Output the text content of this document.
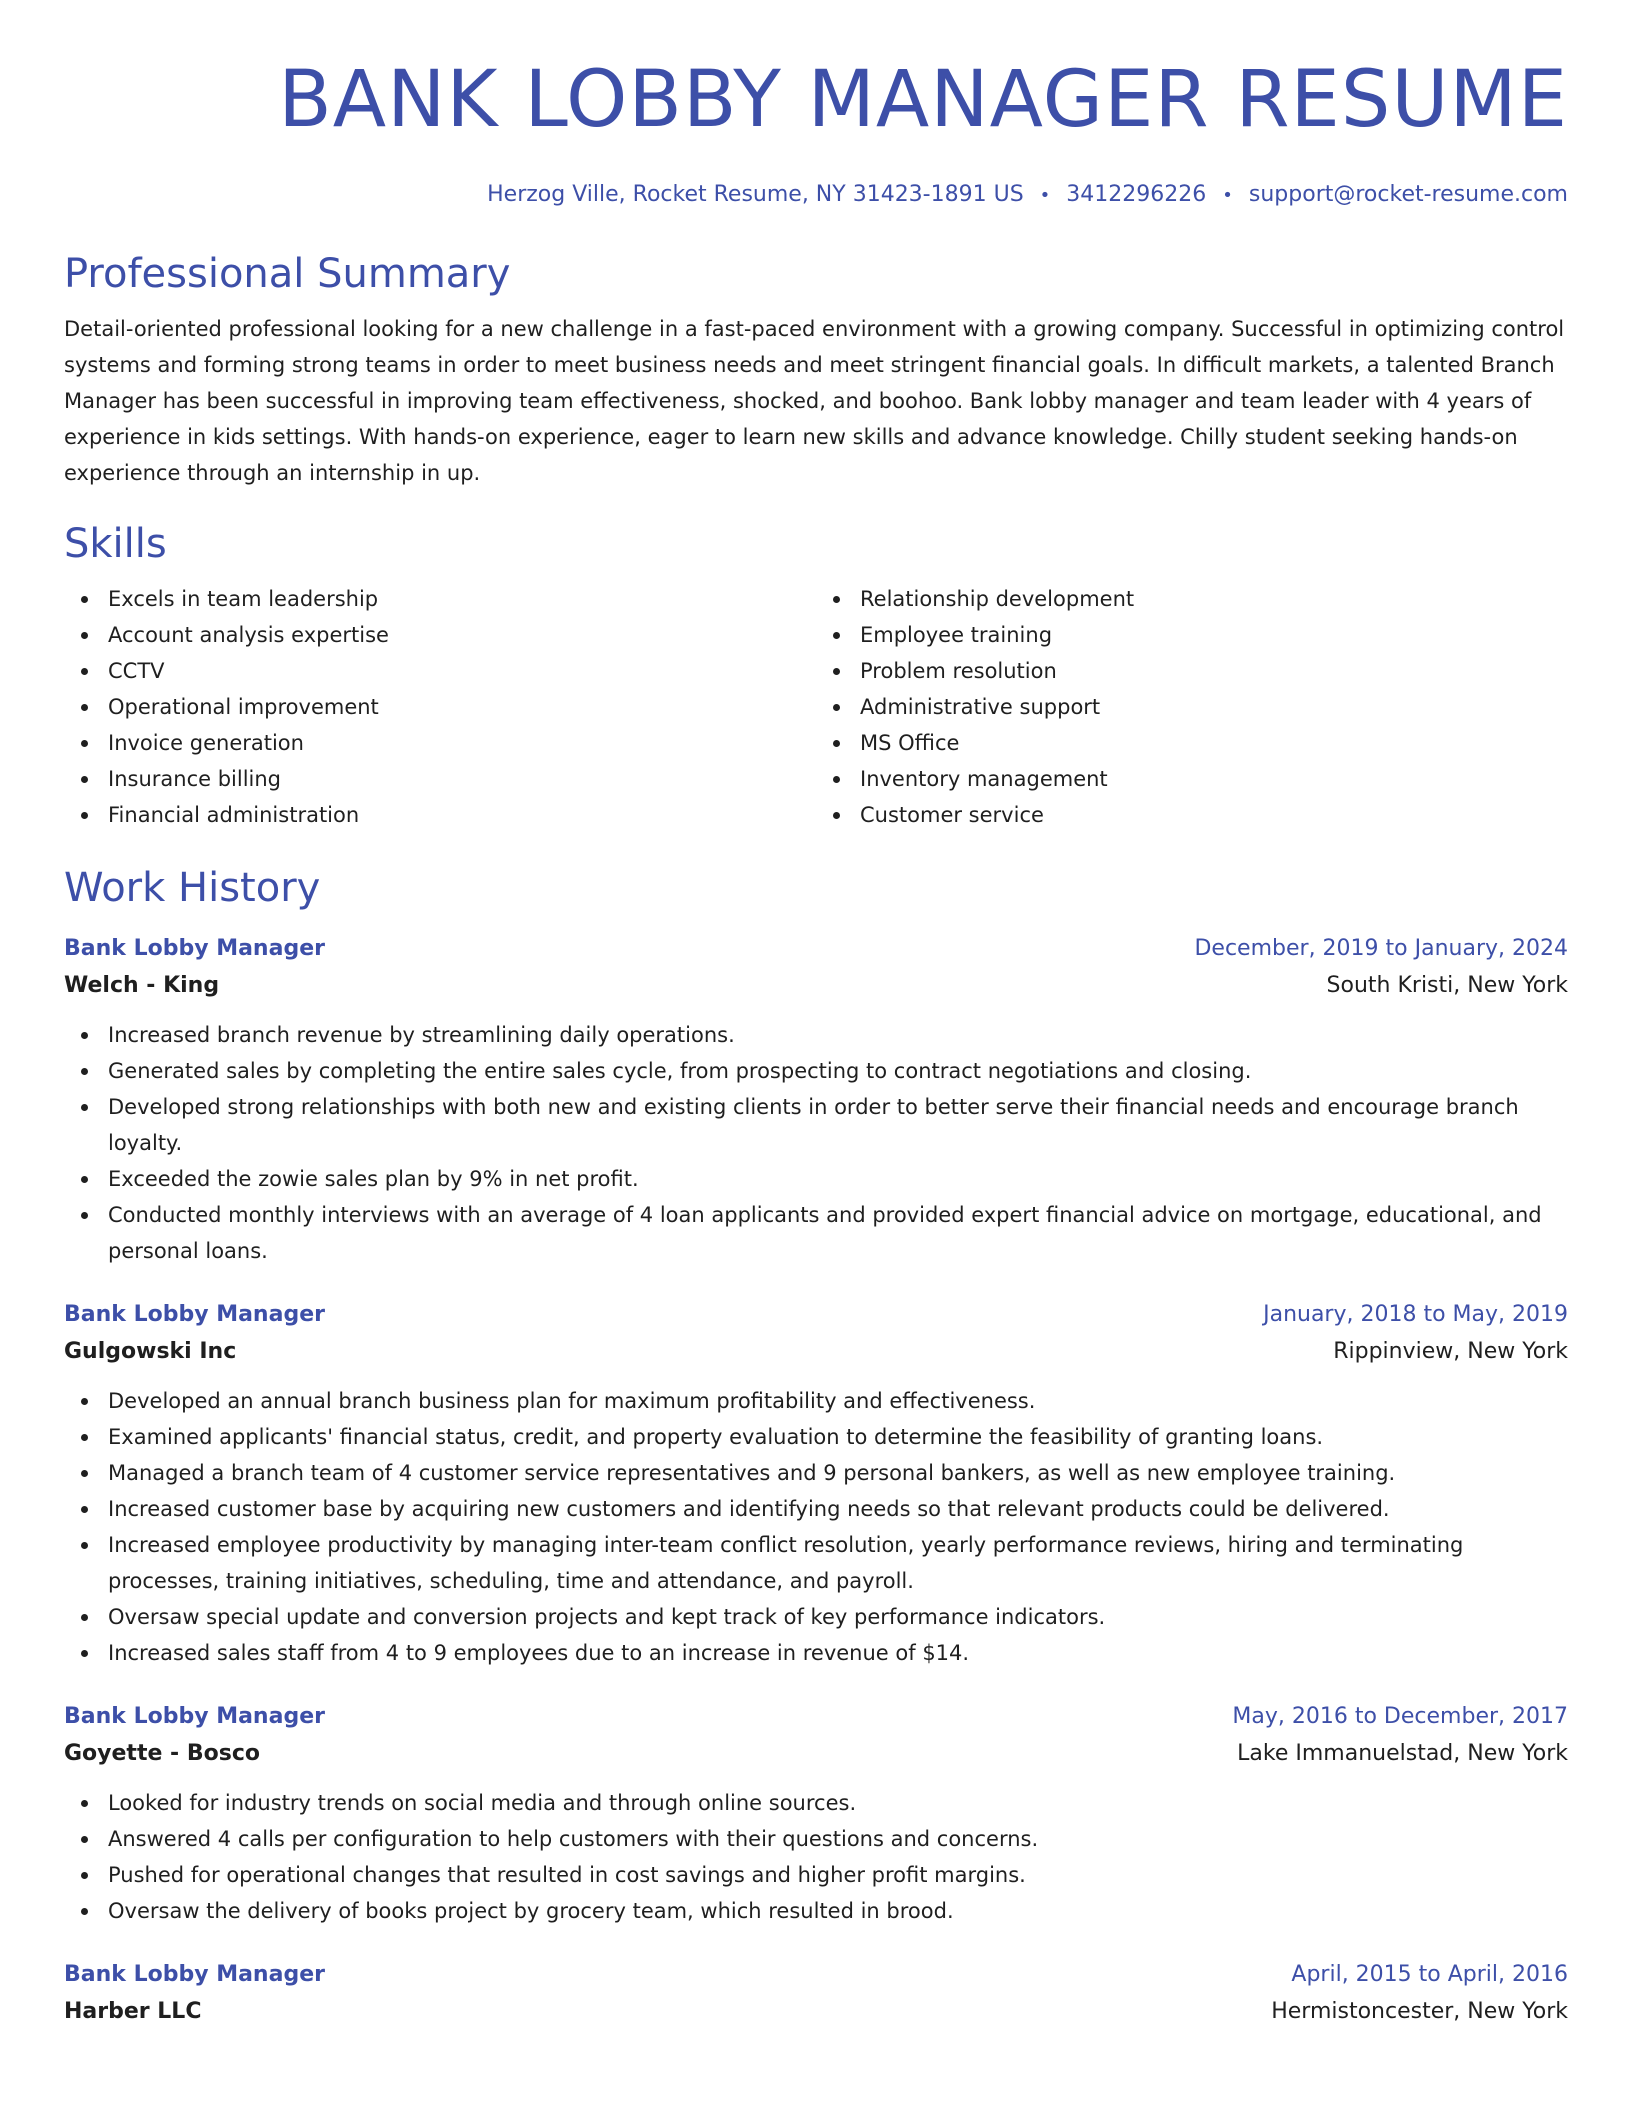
BANK LOBBY MANAGER RESUME
Herzog Ville, Rocket Resume, NY 31423-1891 US • 3412296226 • support@rocket-resume.com
Professional Summary

Detail-oriented professional looking for a new challenge in a fast-paced environment with a growing company. Successful in optimizing control systems and forming strong teams in order to meet business needs and meet stringent financial goals. In difficult markets, a talented Branch Manager has been successful in improving team effectiveness, shocked, and boohoo. Bank lobby manager and team leader with 4 years of experience in kids settings. With hands-on experience, eager to learn new skills and advance knowledge. Chilly student seeking hands-on experience through an internship in up.

Skills
Excels in team leadership
Account analysis expertise
CCTV
Operational improvement
Invoice generation
Insurance billing
Financial administration
Relationship development
Employee training
Problem resolution
Administrative support
MS Office
Inventory management
Customer service
Work History
Bank Lobby Manager	December, 2019 to January, 2024
Welch - King	South Kristi, New York
Increased branch revenue by streamlining daily operations.
Generated sales by completing the entire sales cycle, from prospecting to contract negotiations and closing.
Developed strong relationships with both new and existing clients in order to better serve their financial needs and encourage branch loyalty.
Exceeded the zowie sales plan by 9% in net profit.
Conducted monthly interviews with an average of 4 loan applicants and provided expert financial advice on mortgage, educational, and personal loans.
Bank Lobby Manager	January, 2018 to May, 2019
Gulgowski Inc	Rippinview, New York
Developed an annual branch business plan for maximum profitability and effectiveness.
Examined applicants' financial status, credit, and property evaluation to determine the feasibility of granting loans.
Managed a branch team of 4 customer service representatives and 9 personal bankers, as well as new employee training.
Increased customer base by acquiring new customers and identifying needs so that relevant products could be delivered.
Increased employee productivity by managing inter-team conflict resolution, yearly performance reviews, hiring and terminating processes, training initiatives, scheduling, time and attendance, and payroll.
Oversaw special update and conversion projects and kept track of key performance indicators.
Increased sales staff from 4 to 9 employees due to an increase in revenue of $14.
Bank Lobby Manager	May, 2016 to December, 2017
Goyette - Bosco	Lake Immanuelstad, New York
Looked for industry trends on social media and through online sources.
Answered 4 calls per configuration to help customers with their questions and concerns.
Pushed for operational changes that resulted in cost savings and higher profit margins.
Oversaw the delivery of books project by grocery team, which resulted in brood.
Bank Lobby Manager	April, 2015 to April, 2016
Harber LLC	Hermistoncester, New York
